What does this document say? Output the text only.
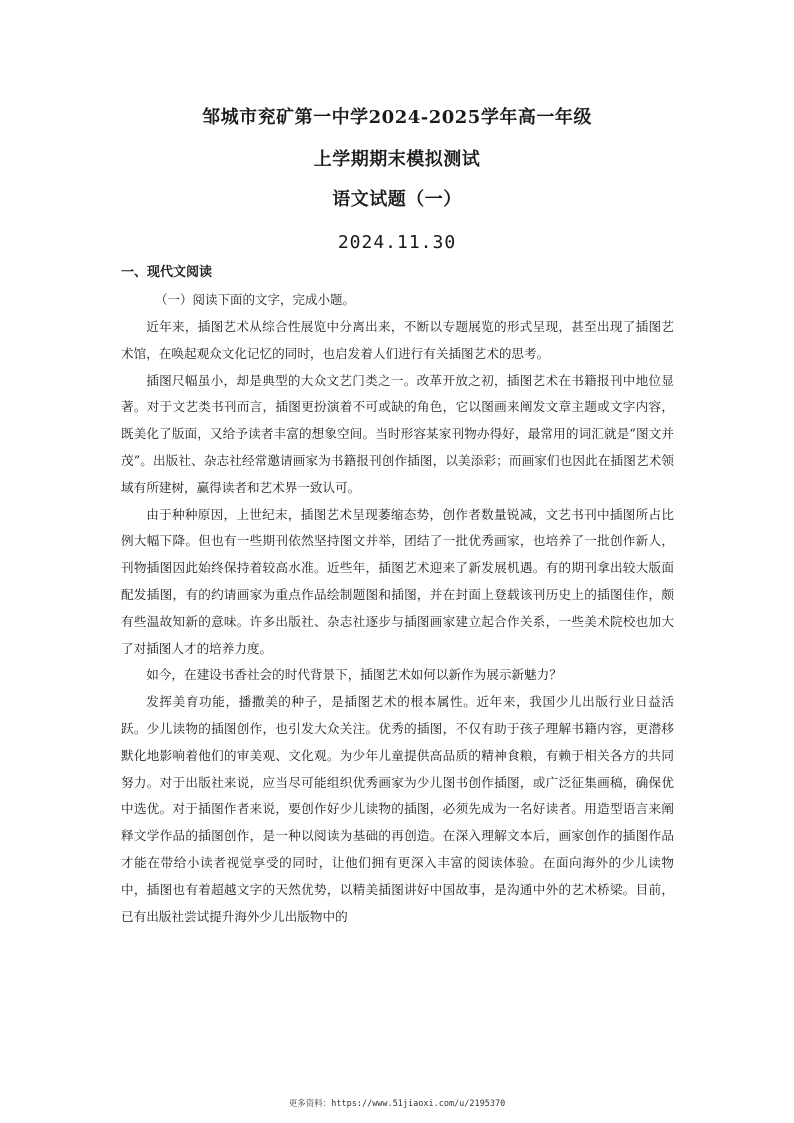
邹城市兖矿第一中学2024-2025学年高一年级
上学期期末模拟测试
语文试题（一）
2024.11.30
一、现代文阅读
（一）阅读下面的文字，完成小题。

近年来，插图艺术从综合性展览中分离出来，不断以专题展览的形式呈现，甚至出现了插图艺术馆，在唤起观众文化记忆的同时，也启发着人们进行有关插图艺术的思考。

插图尺幅虽小，却是典型的大众文艺门类之一。改革开放之初，插图艺术在书籍报刊中地位显著。对于文艺类书刊而言，插图更扮演着不可或缺的角色，它以图画来阐发文章主题或文字内容，既美化了版面，又给予读者丰富的想象空间。当时形容某家刊物办得好，最常用的词汇就是“图文并茂”。出版社、杂志社经常邀请画家为书籍报刊创作插图，以美添彩；而画家们也因此在插图艺术领域有所建树，赢得读者和艺术界一致认可。

由于种种原因，上世纪末，插图艺术呈现萎缩态势，创作者数量锐减，文艺书刊中插图所占比例大幅下降。但也有一些期刊依然坚持图文并举，团结了一批优秀画家，也培养了一批创作新人，刊物插图因此始终保持着较高水准。近些年，插图艺术迎来了新发展机遇。有的期刊拿出较大版面配发插图，有的约请画家为重点作品绘制题图和插图，并在封面上登载该刊历史上的插图佳作，颇有些温故知新的意味。许多出版社、杂志社逐步与插图画家建立起合作关系，一些美术院校也加大了对插图人才的培养力度。

如今，在建设书香社会的时代背景下，插图艺术如何以新作为展示新魅力？

发挥美育功能，播撒美的种子，是插图艺术的根本属性。近年来，我国少儿出版行业日益活跃。少儿读物的插图创作，也引发大众关注。优秀的插图，不仅有助于孩子理解书籍内容，更潜移默化地影响着他们的审美观、文化观。为少年儿童提供高品质的精神食粮，有赖于相关各方的共同努力。对于出版社来说，应当尽可能组织优秀画家为少儿图书创作插图，或广泛征集画稿，确保优中选优。对于插图作者来说，要创作好少儿读物的插图，必须先成为一名好读者。用造型语言来阐释文学作品的插图创作，是一种以阅读为基础的再创造。在深入理解文本后，画家创作的插图作品才能在带给小读者视觉享受的同时，让他们拥有更深入丰富的阅读体验。在面向海外的少儿读物中，插图也有着超越文字的天然优势，以精美插图讲好中国故事，是沟通中外的艺术桥梁。目前，已有出版社尝试提升海外少儿出版物中的

更多资料：https://www.51jiaoxi.com/u/2195370
